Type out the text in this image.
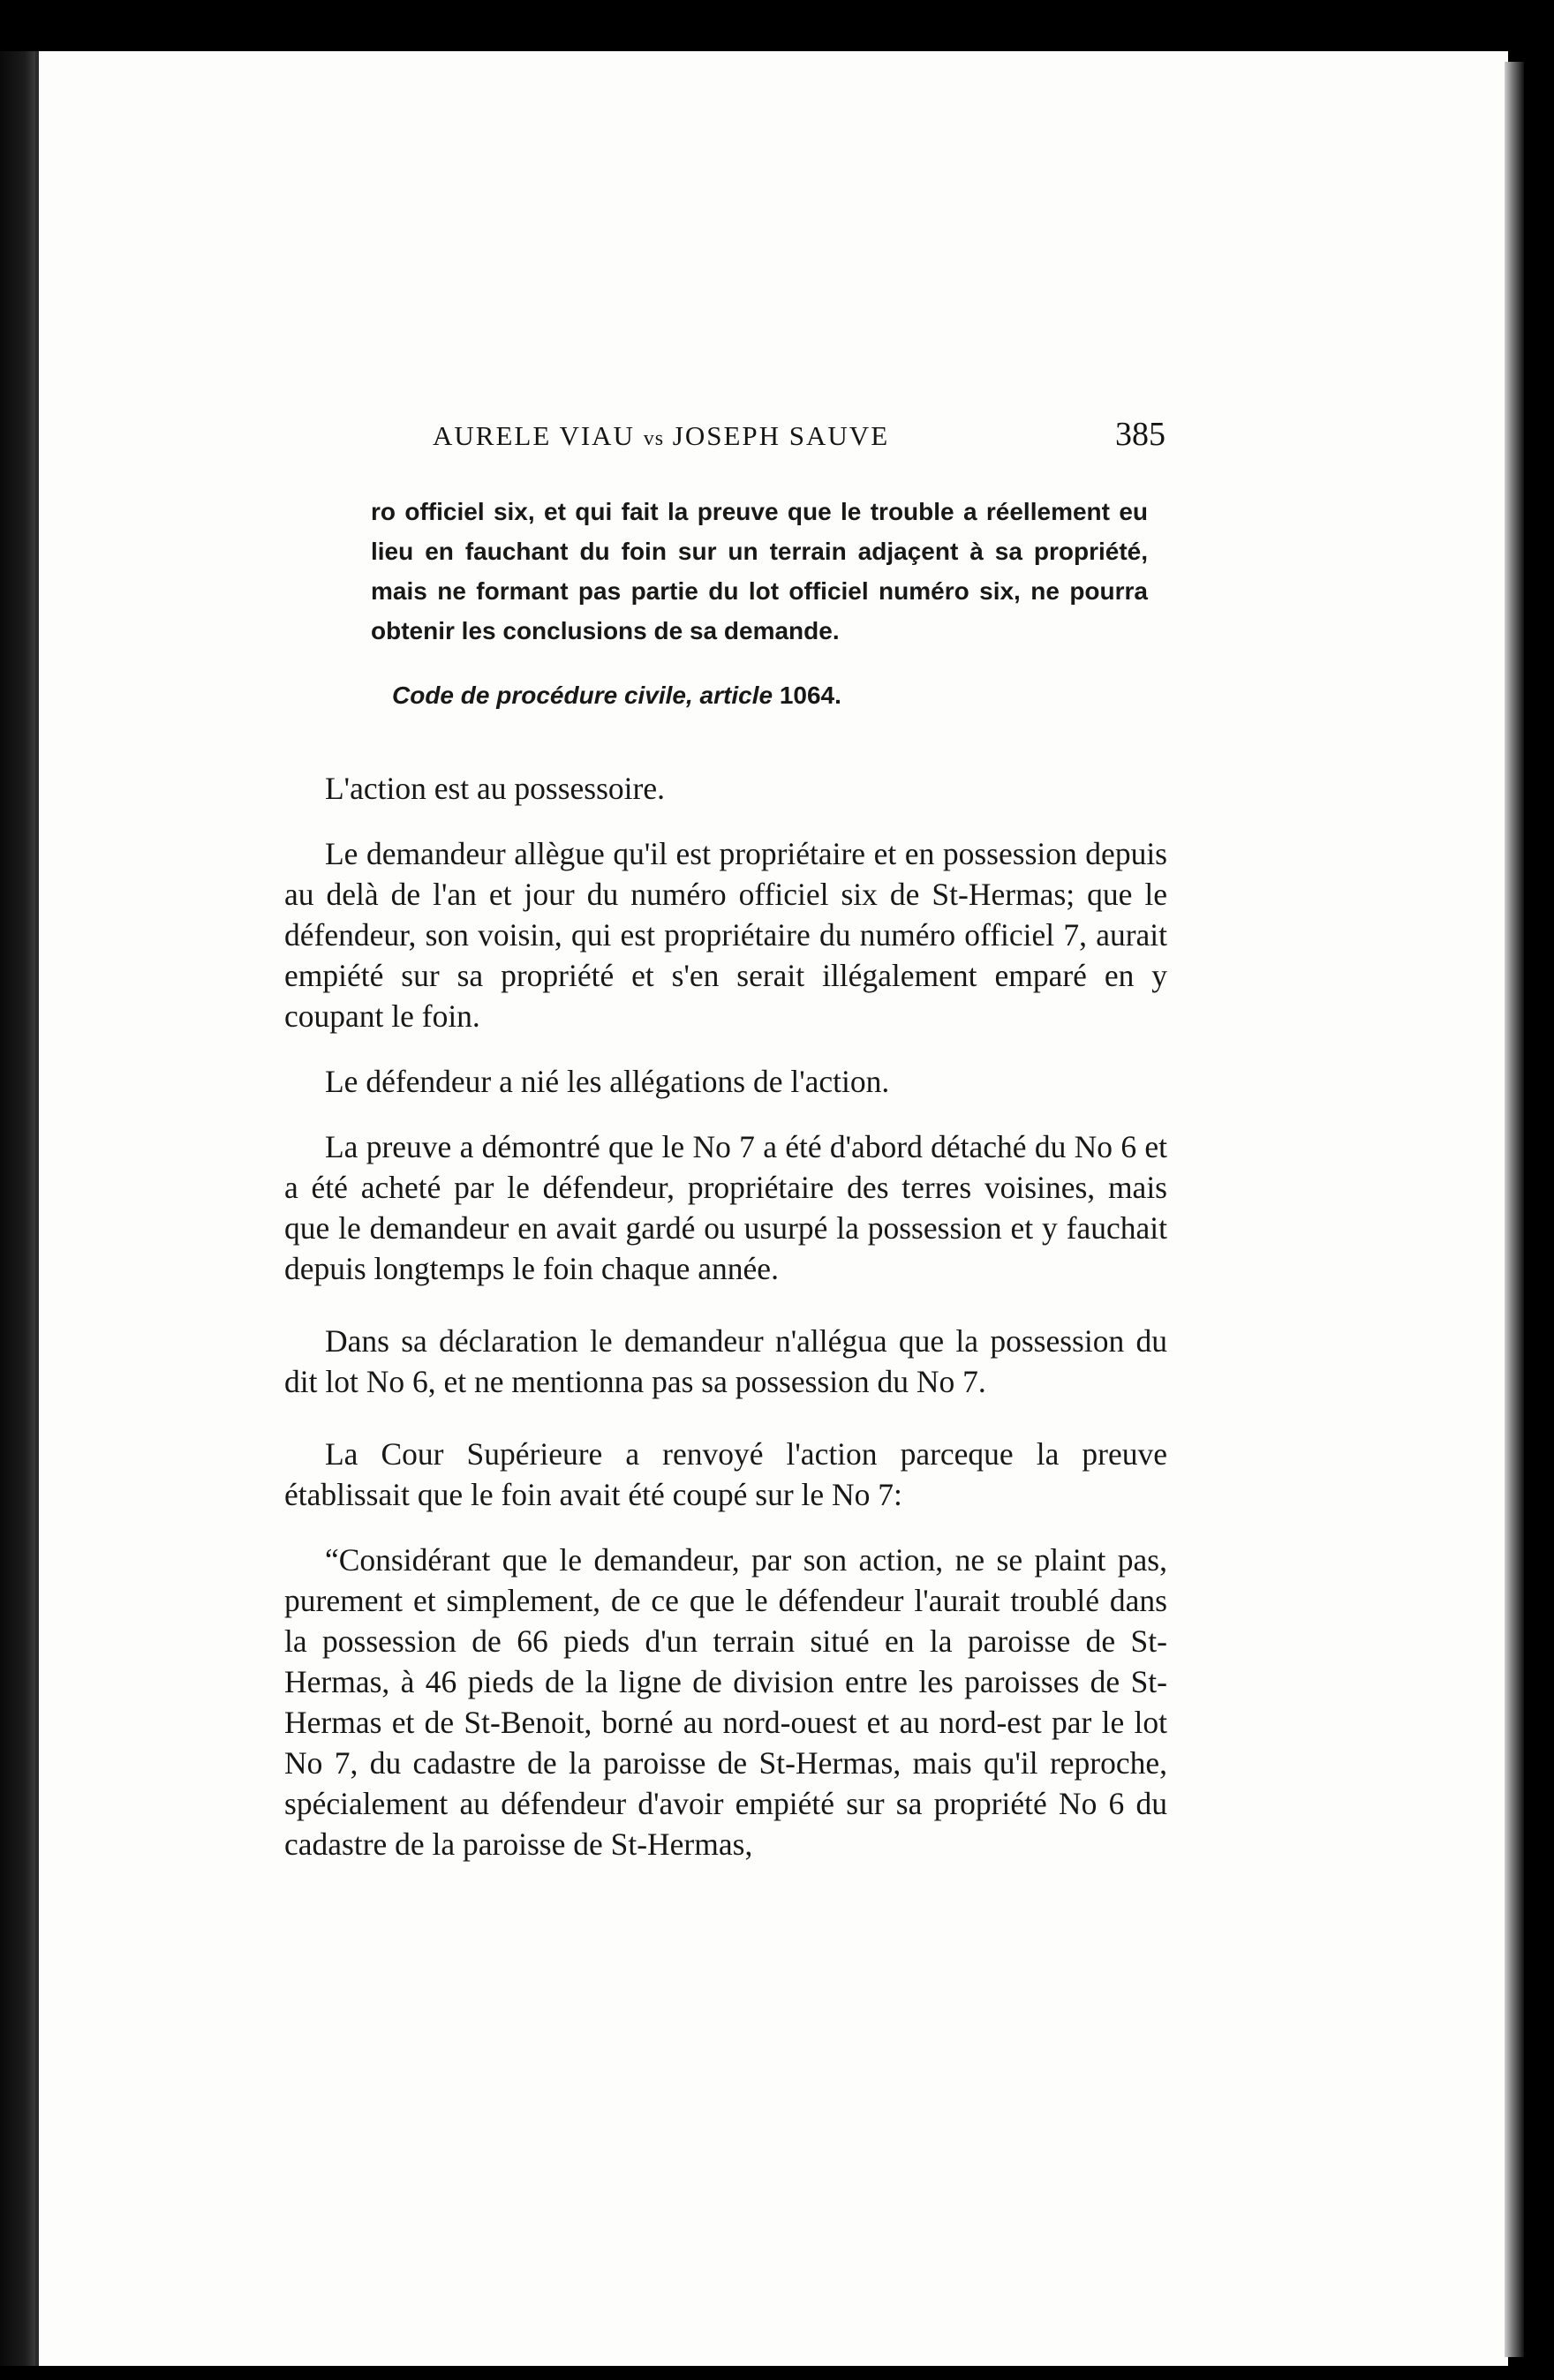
AURELE VIAU vs JOSEPH SAUVE	385

ro officiel six, et qui fait la preuve que le trouble a réellement eu lieu en fauchant du foin sur un terrain adjaçent à sa propriété, mais ne formant pas partie du lot officiel numéro six, ne pourra obtenir les conclusions de sa demande.

Code de procédure civile, article 1064.

L'action est au possessoire.

Le demandeur allègue qu'il est propriétaire et en possession depuis au delà de l'an et jour du numéro officiel six de St-Hermas; que le défendeur, son voisin, qui est propriétaire du numéro officiel 7, aurait empiété sur sa propriété et s'en serait illégalement emparé en y coupant le foin.

Le défendeur a nié les allégations de l'action.

La preuve a démontré que le No 7 a été d'abord détaché du No 6 et a été acheté par le défendeur, propriétaire des terres voisines, mais que le demandeur en avait gardé ou usurpé la possession et y fauchait depuis longtemps le foin chaque année.

Dans sa déclaration le demandeur n'allégua que la possession du dit lot No 6, et ne mentionna pas sa possession du No 7.

La Cour Supérieure a renvoyé l'action parceque la preuve établissait que le foin avait été coupé sur le No 7:

“Considérant que le demandeur, par son action, ne se plaint pas, purement et simplement, de ce que le défendeur l'aurait troublé dans la possession de 66 pieds d'un terrain situé en la paroisse de St-Hermas, à 46 pieds de la ligne de division entre les paroisses de St-Hermas et de St-Benoit, borné au nord-ouest et au nord-est par le lot No 7, du cadastre de la paroisse de St-Hermas, mais qu'il reproche, spécialement au défendeur d'avoir empiété sur sa propriété No 6 du cadastre de la paroisse de St-Hermas,
